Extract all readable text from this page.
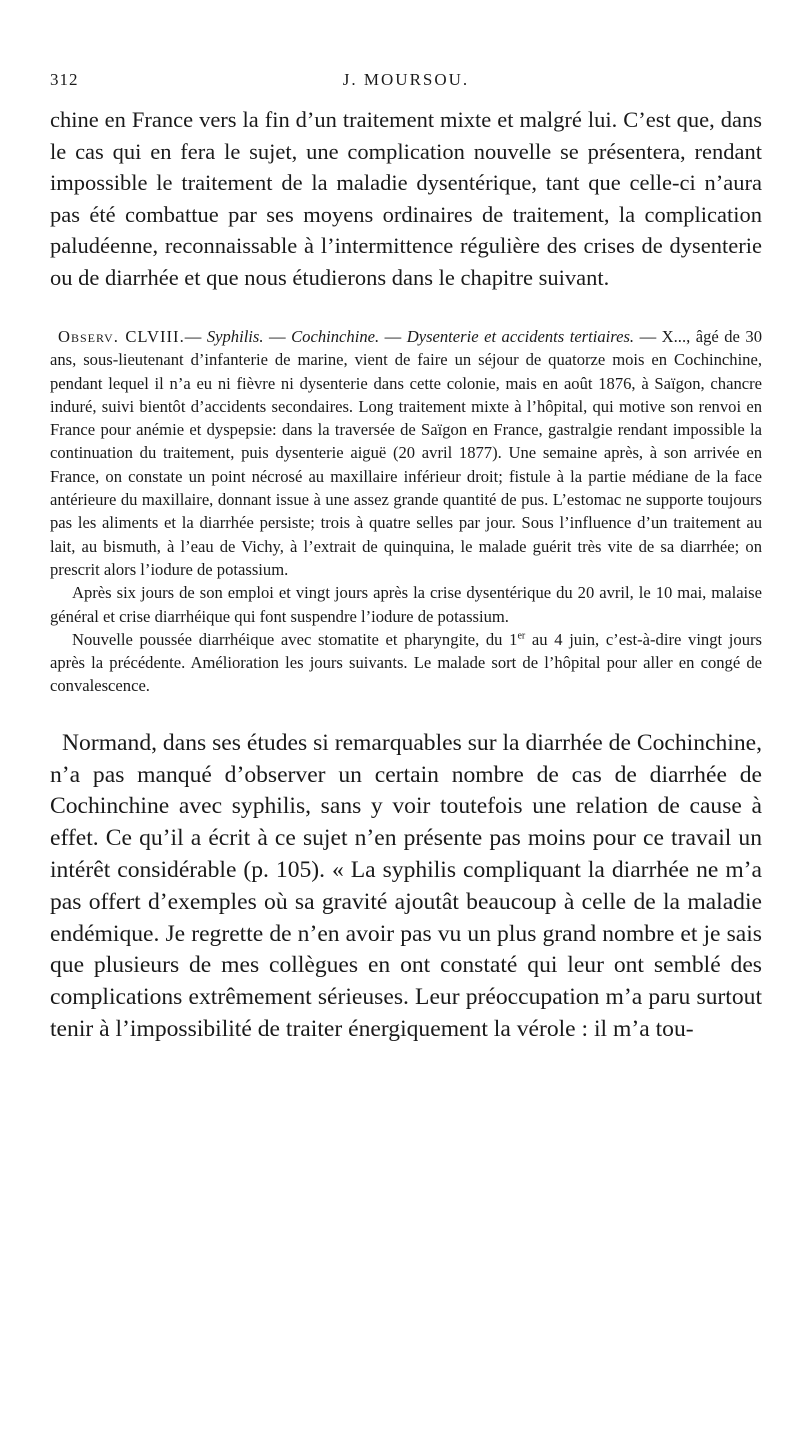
312	J. MOURSOU.

chine en France vers la fin d’un traitement mixte et malgré lui. C’est que, dans le cas qui en fera le sujet, une complication nouvelle se présentera, rendant impossible le traitement de la maladie dysentérique, tant que celle-ci n’aura pas été combattue par ses moyens ordinaires de traitement, la complication paludéenne, reconnaissable à l’intermittence régulière des crises de dysenterie ou de diarrhée et que nous étudierons dans le chapitre suivant.

Observ. CLVIII.— Syphilis. — Cochinchine. — Dysenterie et accidents tertiaires. — X..., âgé de 30 ans, sous-lieutenant d’infanterie de marine, vient de faire un séjour de quatorze mois en Cochinchine, pendant lequel il n’a eu ni fièvre ni dysenterie dans cette colonie, mais en août 1876, à Saïgon, chancre induré, suivi bientôt d’accidents secondaires. Long traitement mixte à l’hôpital, qui motive son renvoi en France pour anémie et dyspepsie: dans la traversée de Saïgon en France, gastralgie rendant impossible la continuation du traitement, puis dysenterie aiguë (20 avril 1877). Une semaine après, à son arrivée en France, on constate un point nécrosé au maxillaire inférieur droit; fistule à la partie médiane de la face antérieure du maxillaire, donnant issue à une assez grande quantité de pus. L’estomac ne supporte toujours pas les aliments et la diarrhée persiste; trois à quatre selles par jour. Sous l’influence d’un traitement au lait, au bismuth, à l’eau de Vichy, à l’extrait de quinquina, le malade guérit très vite de sa diarrhée; on prescrit alors l’iodure de potassium.

Après six jours de son emploi et vingt jours après la crise dysentérique du 20 avril, le 10 mai, malaise général et crise diarrhéique qui font suspendre l’iodure de potassium.

Nouvelle poussée diarrhéique avec stomatite et pharyngite, du 1er au 4 juin, c’est-à-dire vingt jours après la précédente. Amélioration les jours suivants. Le malade sort de l’hôpital pour aller en congé de convalescence.

Normand, dans ses études si remarquables sur la diarrhée de Cochinchine, n’a pas manqué d’observer un certain nombre de cas de diarrhée de Cochinchine avec syphilis, sans y voir toutefois une relation de cause à effet. Ce qu’il a écrit à ce sujet n’en présente pas moins pour ce travail un intérêt considérable (p. 105). « La syphilis compliquant la diarrhée ne m’a pas offert d’exemples où sa gravité ajoutât beaucoup à celle de la maladie endémique. Je regrette de n’en avoir pas vu un plus grand nombre et je sais que plusieurs de mes collègues en ont constaté qui leur ont semblé des complications extrêmement sérieuses. Leur préoccupation m’a paru surtout tenir à l’impossibilité de traiter énergiquement la vérole : il m’a tou-
